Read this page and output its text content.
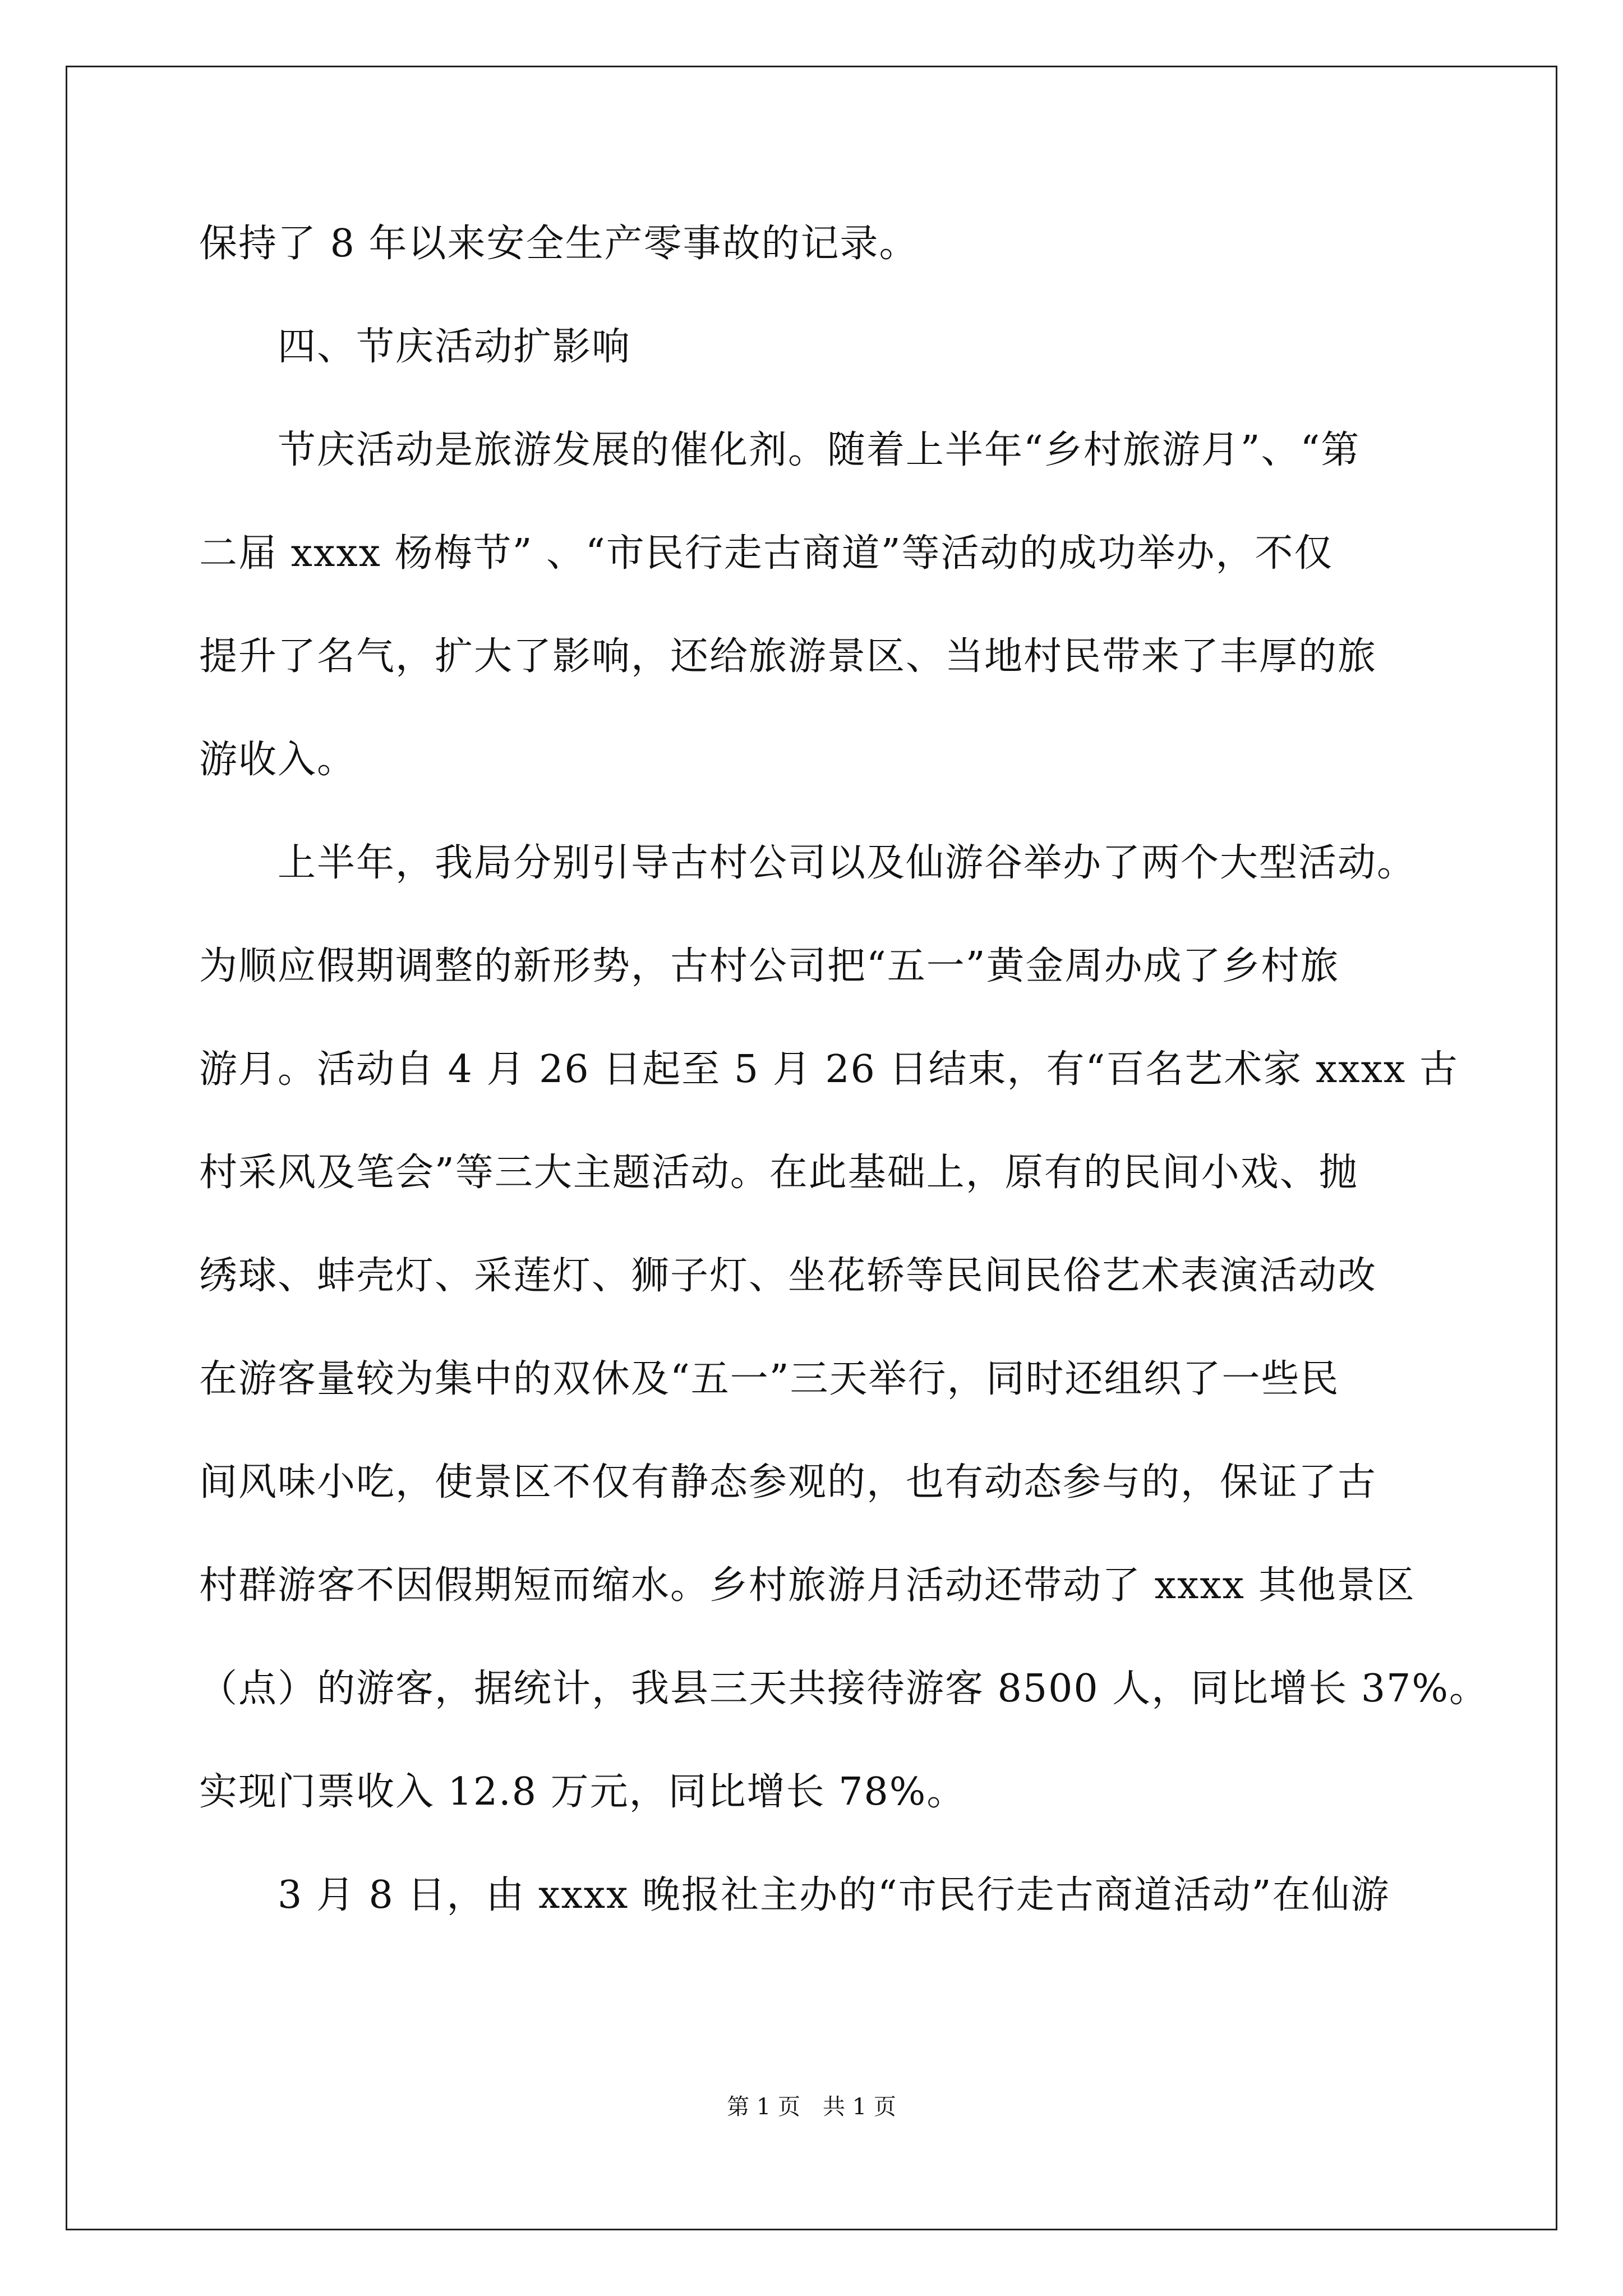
保持了 8 年以来安全生产零事故的记录。
四、节庆活动扩影响
节庆活动是旅游发展的催化剂。随着上半年“乡村旅游月”、“第
二届 xxxx 杨梅节” 、“市民行走古商道”等活动的成功举办，不仅
提升了名气，扩大了影响，还给旅游景区、当地村民带来了丰厚的旅
游收入。
上半年，我局分别引导古村公司以及仙游谷举办了两个大型活动。
为顺应假期调整的新形势，古村公司把“五一”黄金周办成了乡村旅
游月。活动自 4 月 26 日起至 5 月 26 日结束，有“百名艺术家 xxxx 古
村采风及笔会”等三大主题活动。在此基础上，原有的民间小戏、抛
绣球、蚌壳灯、采莲灯、狮子灯、坐花轿等民间民俗艺术表演活动改
在游客量较为集中的双休及“五一”三天举行，同时还组织了一些民
间风味小吃，使景区不仅有静态参观的，也有动态参与的，保证了古
村群游客不因假期短而缩水。乡村旅游月活动还带动了 xxxx 其他景区
（点）的游客，据统计，我县三天共接待游客 8500 人，同比增长 37%。
实现门票收入 12.8 万元，同比增长 78%。
3 月 8 日，由 xxxx 晚报社主办的“市民行走古商道活动”在仙游
第 1 页　共 1 页
